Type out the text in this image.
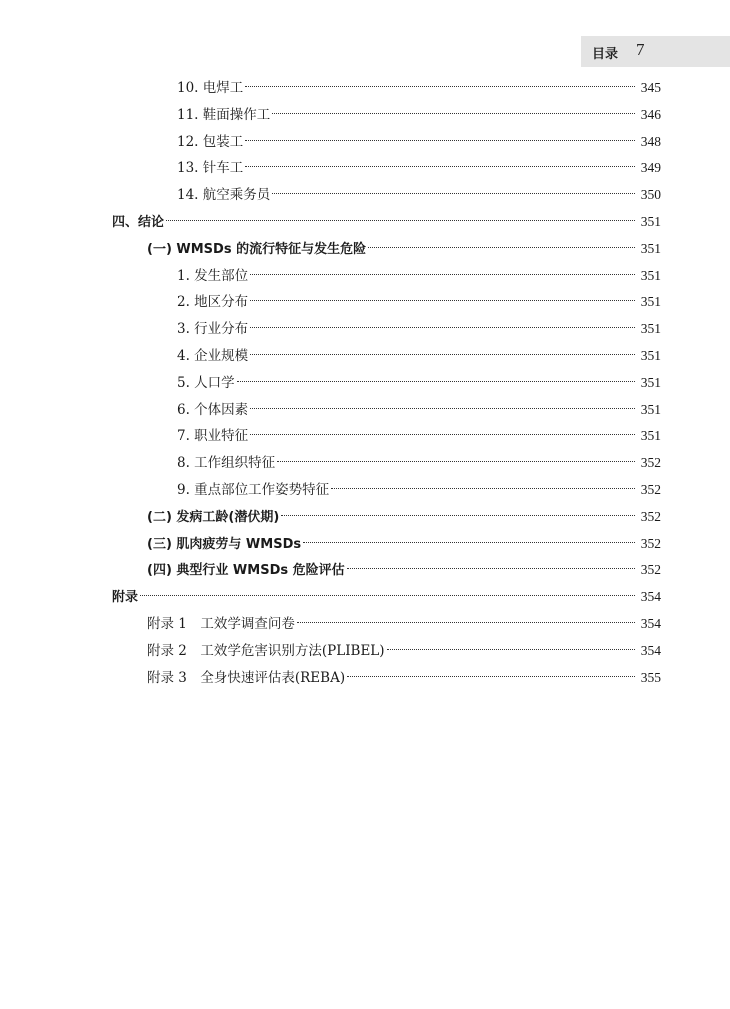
目录 7
10. 电焊工	345
11. 鞋面操作工	346
12. 包装工	348
13. 针车工	349
14. 航空乘务员	350
四、结论	351
(一) WMSDs 的流行特征与发生危险	351
1. 发生部位	351
2. 地区分布	351
3. 行业分布	351
4. 企业规模	351
5. 人口学	351
6. 个体因素	351
7. 职业特征	351
8. 工作组织特征	352
9. 重点部位工作姿势特征	352
(二) 发病工龄(潜伏期)	352
(三) 肌肉疲劳与 WMSDs	352
(四) 典型行业 WMSDs 危险评估	352
附录	354
附录 1　工效学调查问卷	354
附录 2　工效学危害识别方法(PLIBEL)	354
附录 3　全身快速评估表(REBA)	355
